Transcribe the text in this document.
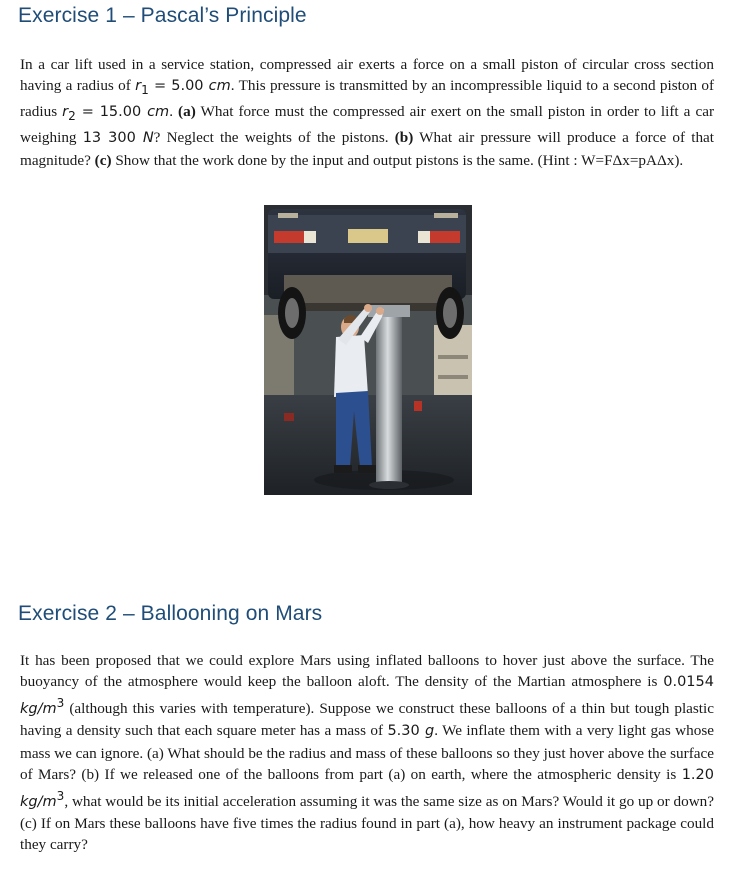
Exercise 1 – Pascal’s Principle

In a car lift used in a service station, compressed air exerts a force on a small piston of circular cross section having a radius of $r_1 = 5.00$ cm. This pressure is transmitted by an incompressible liquid to a second piston of radius $r_2 = 15.00$ cm. (a) What force must the compressed air exert on the small piston in order to lift a car weighing 13 300 N? Neglect the weights of the pistons. (b) What air pressure will produce a force of that magnitude? (c) Show that the work done by the input and output pistons is the same. (Hint : W=FΔx=pAΔx).

Exercise 2 – Ballooning on Mars

It has been proposed that we could explore Mars using inflated balloons to hover just above the surface. The buoyancy of the atmosphere would keep the balloon aloft. The density of the Martian atmosphere is 0.0154 $kg/m^3$ (although this varies with temperature). Suppose we construct these balloons of a thin but tough plastic having a density such that each square meter has a mass of 5.30 g. We inflate them with a very light gas whose mass we can ignore. (a) What should be the radius and mass of these balloons so they just hover above the surface of Mars? (b) If we released one of the balloons from part (a) on earth, where the atmospheric density is 1.20 $kg/m^3$, what would be its initial acceleration assuming it was the same size as on Mars? Would it go up or down? (c) If on Mars these balloons have five times the radius found in part (a), how heavy an instrument package could they carry?
